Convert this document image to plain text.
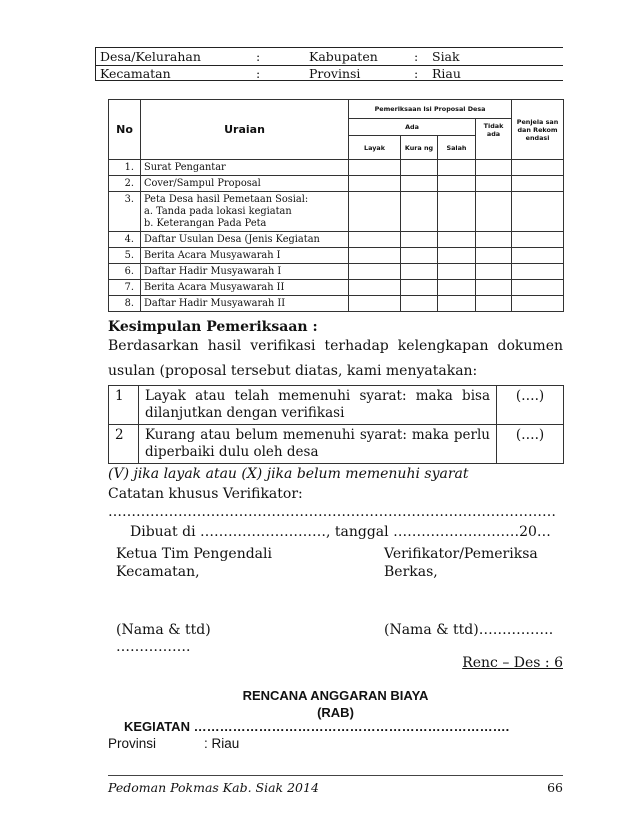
Desa/Kelurahan	:	Kabupaten	: Siak
Kecamatan	:	Provinsi	: Riau
No	Uraian	Pemeriksaan Isi Proposal Desa				Penjela san dan Rekom endasi
		Ada			Tidak ada	
		Layak	Kura ng	Salah		
1.	Surat Pengantar					
2.	Cover/Sampul Proposal					
3.	Peta Desa hasil Pemetaan Sosial:
a. Tanda pada lokasi kegiatan
b. Keterangan Pada Peta					

4.	Daftar Usulan Desa (Jenis Kegiatan					
5.	Berita Acara Musyawarah I					
6.	Daftar Hadir Musyawarah I					
7.	Berita Acara Musyawarah II					
8.	Daftar Hadir Musyawarah II					
Kesimpulan Pemeriksaan :
Berdasarkan hasil verifikasi terhadap kelengkapan dokumen
usulan (proposal tersebut diatas, kami menyatakan:
1	Layak atau telah memenuhi syarat: maka bisa dilanjutkan dengan verifikasi	(….)
2	Kurang atau belum memenuhi syarat: maka perlu diperbaiki dulu oleh desa	(….)
(V) jika layak atau (X) jika belum memenuhi syarat
Catatan khusus Verifikator:
……………………………………………………………………………………
Dibuat di ………………………, tanggal ………………………20…
Ketua Tim Pengendali
Kecamatan,
Verifikator/Pemeriksa
Berkas,
(Nama & ttd)
…………….
(Nama & ttd)…………….
Renc – Des : 6
RENCANA ANGGARAN BIAYA
(RAB)
KEGIATAN ……………………………………………………………….
Provinsi	: Riau
Pedoman Pokmas Kab. Siak 2014	66
